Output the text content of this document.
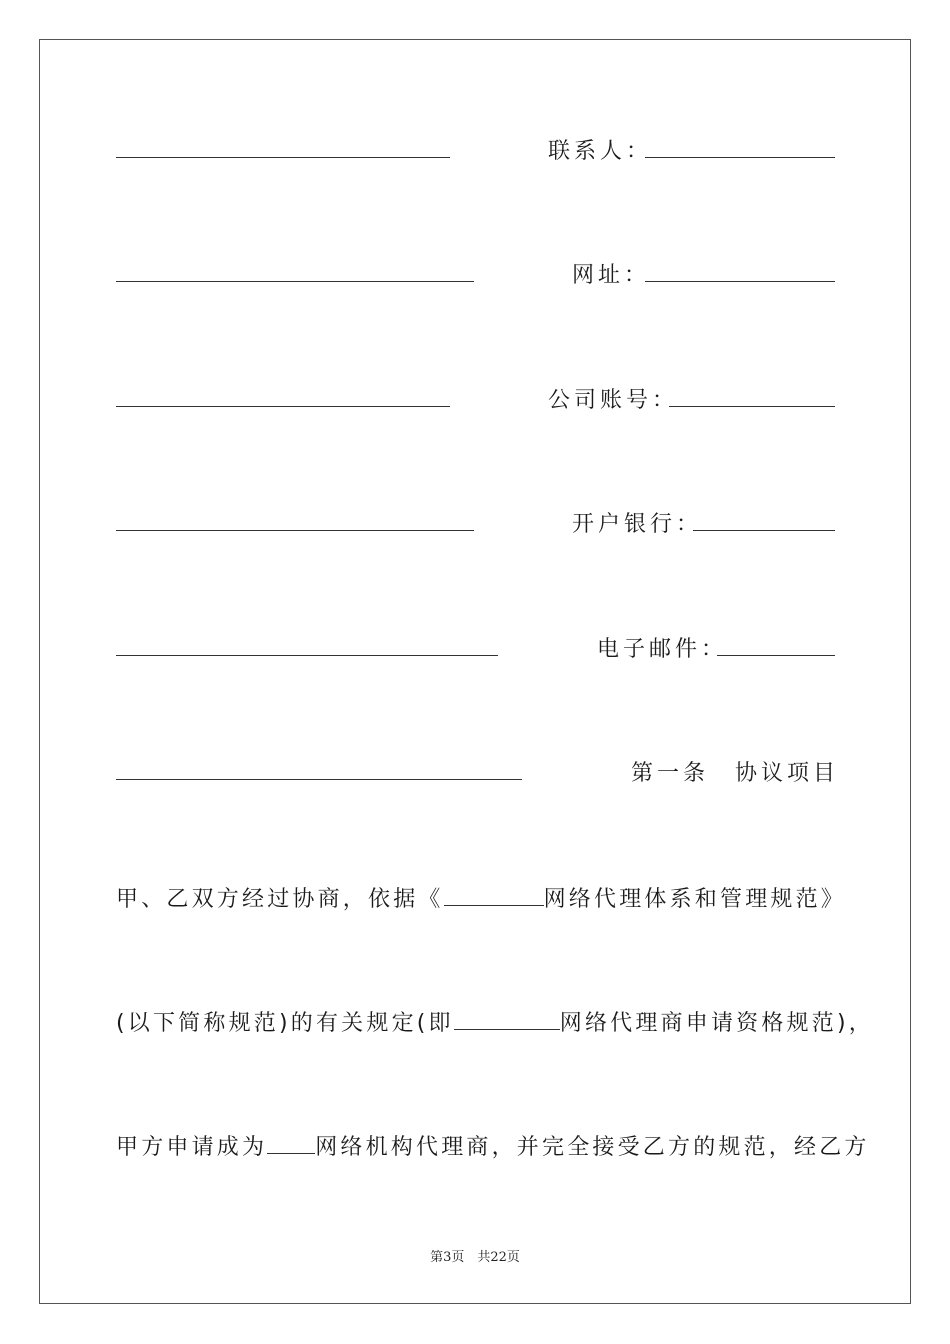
联系人：
网址：
公司账号：
开户银行：
电子邮件：
第一条　协议项目
甲、乙双方经过协商，依据《	网络代理体系和管理规范》
(以下简称规范)的有关规定(即	网络代理商申请资格规范)，
甲方申请成为 网络机构代理商，并完全接受乙方的规范，经乙方
第3页　共22页
